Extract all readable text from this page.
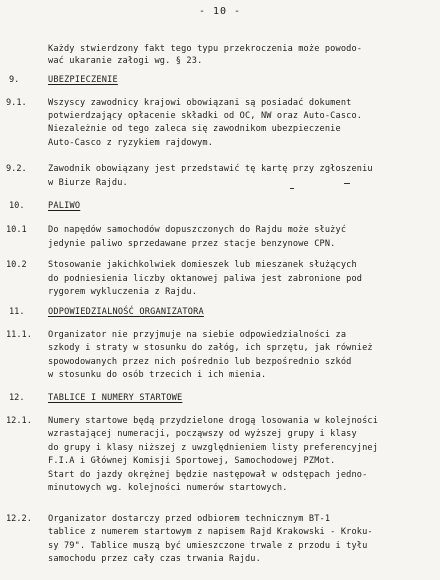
- 10 -
Każdy stwierdzony fakt tego typu przekroczenia może powodo-
wać ukaranie załogi wg. § 23.
9.	UBEZPIECZENIE
9.1. Wszyscy zawodnicy krajowi obowiązani są posiadać dokument
potwierdzający opłacenie składki od OC, NW oraz Auto-Casco.
Niezależnie od tego zaleca się zawodnikom ubezpieczenie
Auto-Casco z ryzykiem rajdowym.
9.2. Zawodnik obowiązany jest przedstawić tę kartę przy zgłoszeniu
w Biurze Rajdu.
10.	PALIWO
10.1 Do napędów samochodów dopuszczonych do Rajdu może służyć
jedynie paliwo sprzedawane przez stacje benzynowe CPN.
10.2 Stosowanie jakichkolwiek domieszek lub mieszanek służących
do podniesienia liczby oktanowej paliwa jest zabronione pod
rygorem wykluczenia z Rajdu.
11.	ODPOWIEDZIALNOŚĆ ORGANIZATORA
11.1. Organizator nie przyjmuje na siebie odpowiedzialności za
szkody i straty w stosunku do załóg, ich sprzętu, jak również
spowodowanych przez nich pośrednio lub bezpośrednio szkód
w stosunku do osób trzecich i ich mienia.
12.	TABLICE I NUMERY STARTOWE
12.1. Numery startowe będą przydzielone drogą losowania w kolejności
wzrastającej numeracji, począwszy od wyższej grupy i klasy
do grupy i klasy niższej z uwzględnieniem listy preferencyjnej
F.I.A i Głównej Komisji Sportowej, Samochodowej PZMot.
Start do jazdy okrężnej będzie następował w odstępach jedno-
minutowych wg. kolejności numerów startowych.
12.2. Organizator dostarczy przed odbiorem technicznym BT-1
tablice z numerem startowym z napisem Rajd Krakowski - Kroku-
sy 79". Tablice muszą być umieszczone trwale z przodu i tyłu
samochodu przez cały czas trwania Rajdu.
